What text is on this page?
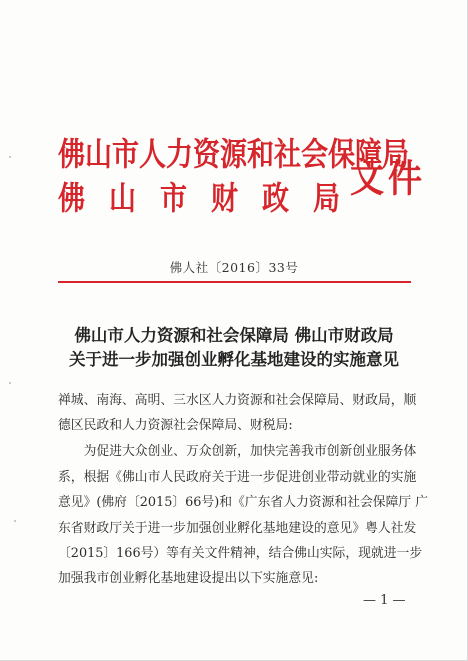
佛山市人力资源和社会保障局
佛山市财政局
文件
佛人社〔2016〕33号
佛山市人力资源和社会保障局 佛山市财政局
关于进一步加强创业孵化基地建设的实施意见
禅城、南海、高明、三水区人力资源和社会保障局、财政局，顺
德区民政和人力资源社会保障局、财税局:
　　为促进大众创业、万众创新，加快完善我市创新创业服务体
系，根据《佛山市人民政府关于进一步促进创业带动就业的实施
意见》(佛府〔2015〕66号)和《广东省人力资源和社会保障厅 广
东省财政厅关于进一步加强创业孵化基地建设的意见》粤人社发
〔2015〕166号）等有关文件精神，结合佛山实际，现就进一步
加强我市创业孵化基地建设提出以下实施意见:
— 1 —
